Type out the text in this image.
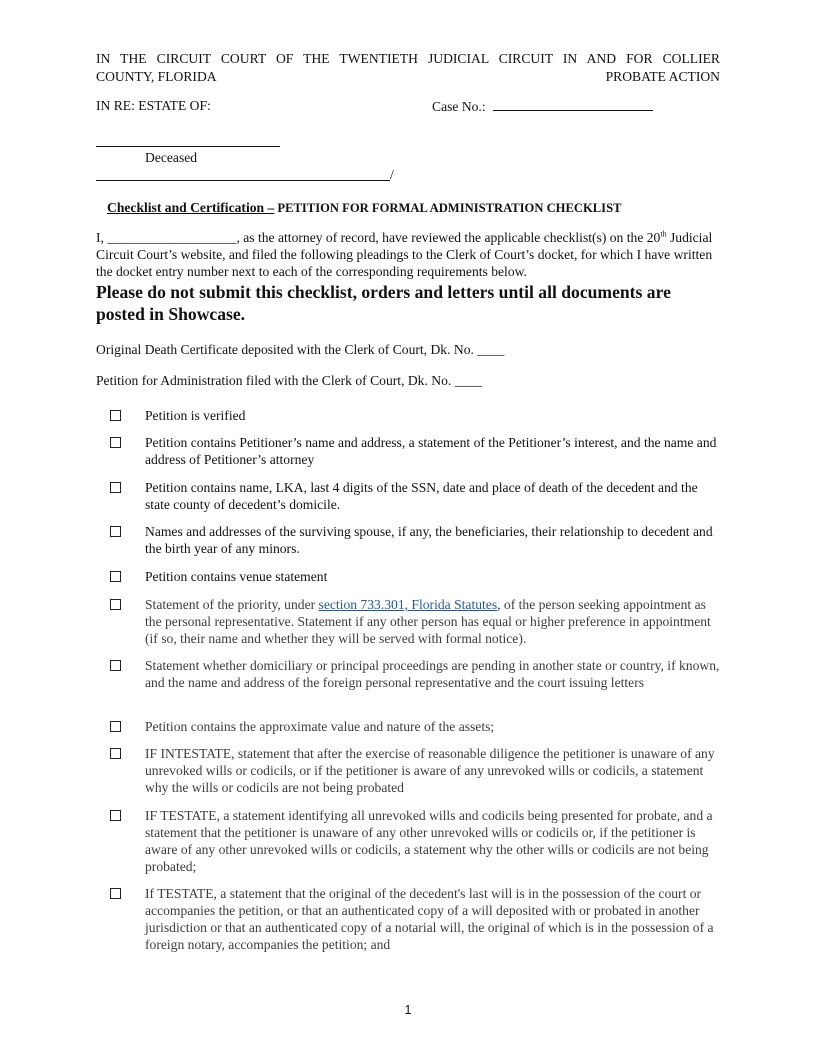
IN THE CIRCUIT COURT OF THE TWENTIETH JUDICIAL CIRCUIT IN AND FOR COLLIER
COUNTY, FLORIDA	PROBATE ACTION
IN RE: ESTATE OF:	Case No.:
Deceased
/
Checklist and Certification – PETITION FOR FORMAL ADMINISTRATION CHECKLIST
I, ___________________, as the attorney of record, have reviewed the applicable checklist(s) on the 20th Judicial Circuit Court’s website, and filed the following pleadings to the Clerk of Court’s docket, for which I have written the docket entry number next to each of the corresponding requirements below.
Please do not submit this checklist, orders and letters until all documents are posted in Showcase.
Original Death Certificate deposited with the Clerk of Court, Dk. No. ____
Petition for Administration filed with the Clerk of Court, Dk. No. ____
Petition is verified
Petition contains Petitioner’s name and address, a statement of the Petitioner’s interest, and the name and address of Petitioner’s attorney
Petition contains name, LKA, last 4 digits of the SSN, date and place of death of the decedent and the state county of decedent’s domicile.
Names and addresses of the surviving spouse, if any, the beneficiaries, their relationship to decedent and the birth year of any minors.
Petition contains venue statement
Statement of the priority, under section 733.301, Florida Statutes, of the person seeking appointment as the personal representative. Statement if any other person has equal or higher preference in appointment (if so, their name and whether they will be served with formal notice).
Statement whether domiciliary or principal proceedings are pending in another state or country, if known, and the name and address of the foreign personal representative and the court issuing letters
Petition contains the approximate value and nature of the assets;
IF INTESTATE, statement that after the exercise of reasonable diligence the petitioner is unaware of any unrevoked wills or codicils, or if the petitioner is aware of any unrevoked wills or codicils, a statement why the wills or codicils are not being probated
IF TESTATE, a statement identifying all unrevoked wills and codicils being presented for probate, and a statement that the petitioner is unaware of any other unrevoked wills or codicils or, if the petitioner is aware of any other unrevoked wills or codicils, a statement why the other wills or codicils are not being probated;
If TESTATE, a statement that the original of the decedent's last will is in the possession of the court or accompanies the petition, or that an authenticated copy of a will deposited with or probated in another jurisdiction or that an authenticated copy of a notarial will, the original of which is in the possession of a foreign notary, accompanies the petition; and
1
